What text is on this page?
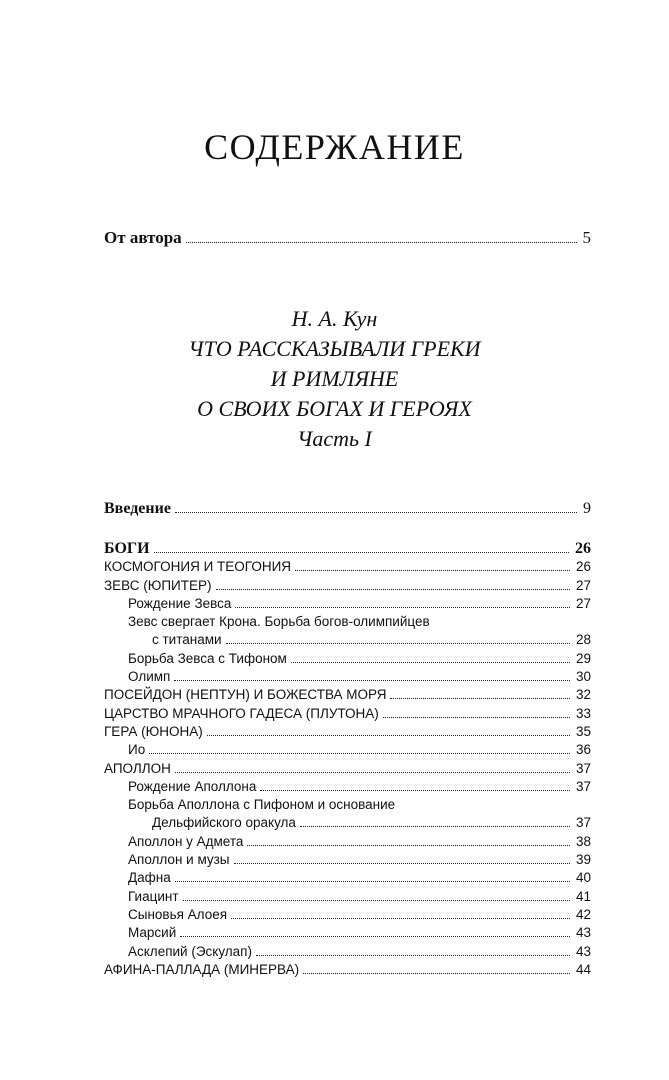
СОДЕРЖАНИЕ
От автора	5
Н. А. Кун
ЧТО РАССКАЗЫВАЛИ ГРЕКИ
И РИМЛЯНЕ
О СВОИХ БОГАХ И ГЕРОЯХ
Часть I
Введение	9
БОГИ	26
КОСМОГОНИЯ И ТЕОГОНИЯ	26
ЗЕВС (ЮПИТЕР)	27
Рождение Зевса	27
Зевс свергает Крона. Борьба богов-олимпийцев
с титанами	28
Борьба Зевса с Тифоном	29
Олимп	30
ПОСЕЙДОН (НЕПТУН) И БОЖЕСТВА МОРЯ	32
ЦАРСТВО МРАЧНОГО ГАДЕСА (ПЛУТОНА)	33
ГЕРА (ЮНОНА)	35
Ио	36
АПОЛЛОН	37
Рождение Аполлона	37
Борьба Аполлона с Пифоном и основание
Дельфийского оракула	37
Аполлон у Адмета	38
Аполлон и музы	39
Дафна	40
Гиацинт	41
Сыновья Алоея	42
Марсий	43
Асклепий (Эскулап)	43
АФИНА-ПАЛЛАДА (МИНЕРВА)	44
